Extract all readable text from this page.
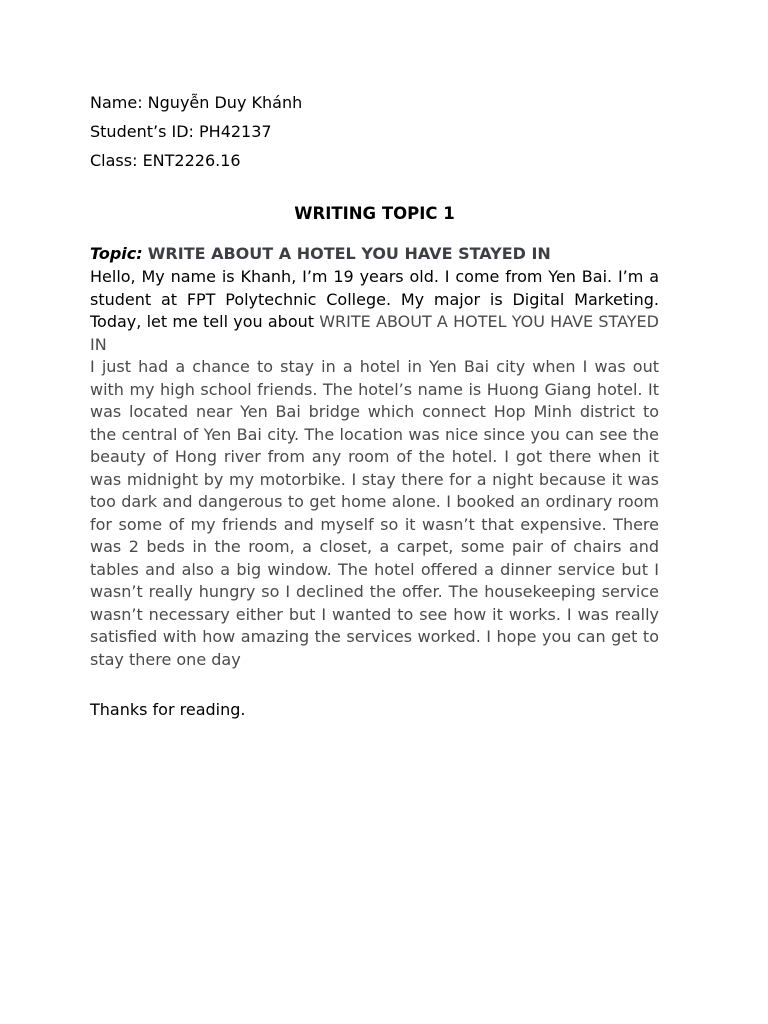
Name: Nguyễn Duy Khánh

Student’s ID: PH42137

Class: ENT2226.16

WRITING TOPIC 1

Topic: WRITE ABOUT A HOTEL YOU HAVE STAYED IN

Hello, My name is Khanh, I’m 19 years old. I come from Yen Bai. I’m a student at FPT Polytechnic College. My major is Digital Marketing. Today, let me tell you about WRITE ABOUT A HOTEL YOU HAVE STAYED IN

I just had a chance to stay in a hotel in Yen Bai city when I was out with my high school friends. The hotel’s name is Huong Giang hotel. It was located near Yen Bai bridge which connect Hop Minh district to the central of Yen Bai city. The location was nice since you can see the beauty of Hong river from any room of the hotel. I got there when it was midnight by my motorbike. I stay there for a night because it was too dark and dangerous to get home alone. I booked an ordinary room for some of my friends and myself so it wasn’t that expensive. There was 2 beds in the room, a closet, a carpet, some pair of chairs and tables and also a big window. The hotel offered a dinner service but I wasn’t really hungry so I declined the offer. The housekeeping service wasn’t necessary either but I wanted to see how it works. I was really satisfied with how amazing the services worked. I hope you can get to stay there one day

Thanks for reading.
